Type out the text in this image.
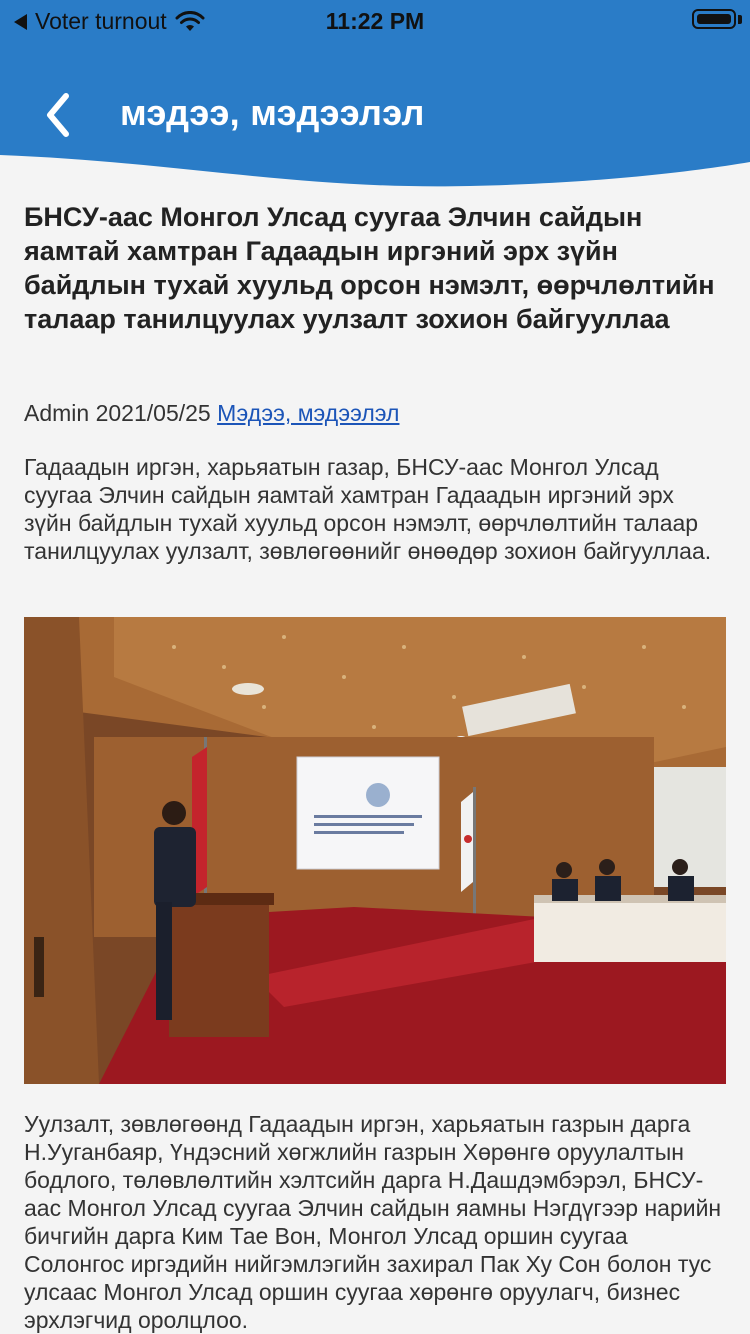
Voter turnout	11:22 PM
мэдээ, мэдээлэл
БНСУ-аас Монгол Улсад суугаа Элчин сайдын яамтай хамтран Гадаадын иргэний эрх зүйн байдлын тухай хуульд орсон нэмэлт, өөрчлөлтийн талаар танилцуулах уулзалт зохион байгууллаа
Admin 2021/05/25 Мэдээ, мэдээлэл

Гадаадын иргэн, харьяатын газар, БНСУ-аас Монгол Улсад суугаа Элчин сайдын яамтай хамтран Гадаадын иргэний эрх зүйн байдлын тухай хуульд орсон нэмэлт, өөрчлөлтийн талаар танилцуулах уулзалт, зөвлөгөөнийг өнөөдөр зохион байгууллаа.

Уулзалт, зөвлөгөөнд Гадаадын иргэн, харьяатын газрын дарга Н.Ууганбаяр, Үндэсний хөгжлийн газрын Хөрөнгө оруулалтын бодлого, төлөвлөлтийн хэлтсийн дарга Н.Дашдэмбэрэл, БНСУ-аас Монгол Улсад суугаа Элчин сайдын яамны Нэгдүгээр нарийн бичгийн дарга Ким Тае Вон, Монгол Улсад оршин суугаа Солонгос иргэдийн нийгэмлэгийн захирал Пак Ху Сон болон тус улсаас Монгол Улсад оршин суугаа хөрөнгө оруулагч, бизнес эрхлэгчид оролцлоо.
